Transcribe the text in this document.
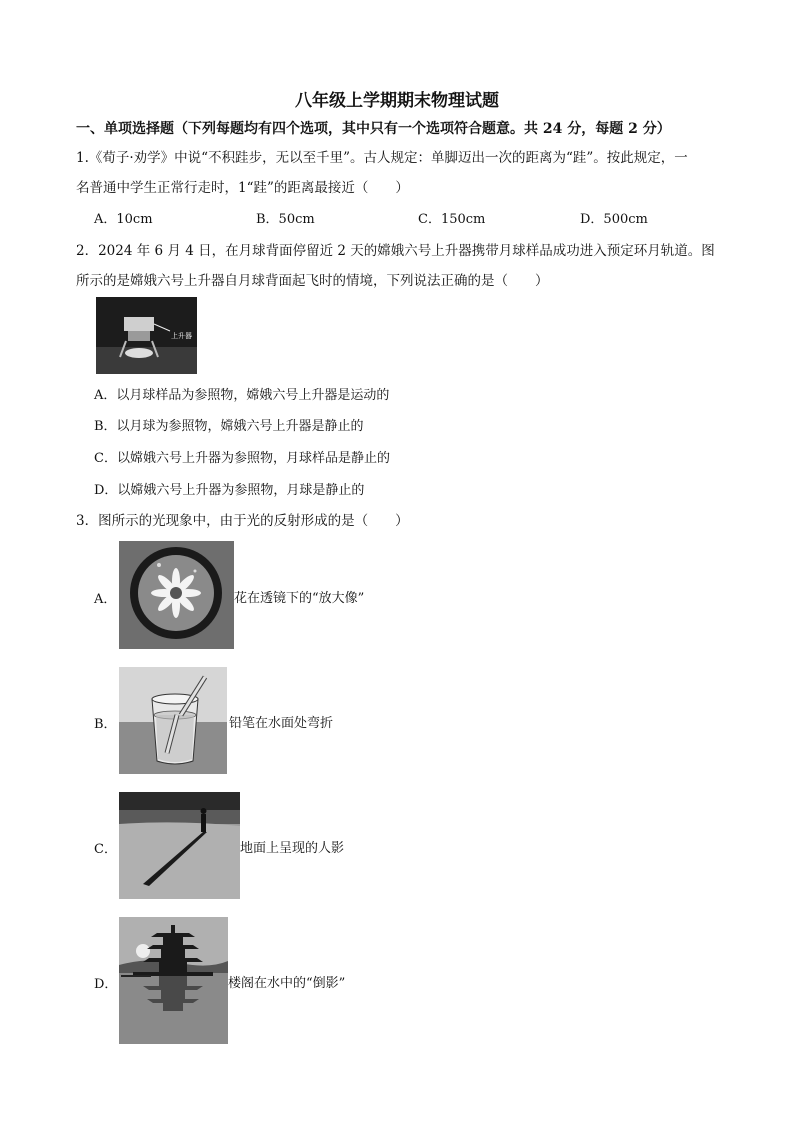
八年级上学期期末物理试题
一、单项选择题（下列每题均有四个选项，其中只有一个选项符合题意。共 24 分，每题 2 分）
1.《荀子·劝学》中说“不积跬步，无以至千里”。古人规定：单脚迈出一次的距离为“跬”。按此规定，一
名普通中学生正常行走时，1“跬”的距离最接近（　　）
A．10cm	B．50cm	C．150cm	D．500cm
2．2024 年 6 月 4 日，在月球背面停留近 2 天的嫦娥六号上升器携带月球样品成功进入预定环月轨道。图
所示的是嫦娥六号上升器自月球背面起飞时的情境，下列说法正确的是（　　）
上升器
A．以月球样品为参照物，嫦娥六号上升器是运动的
B．以月球为参照物，嫦娥六号上升器是静止的
C．以嫦娥六号上升器为参照物，月球样品是静止的
D．以嫦娥六号上升器为参照物，月球是静止的
3．图所示的光现象中，由于光的反射形成的是（　　）
A．	花在透镜下的“放大像”
B．	铅笔在水面处弯折
C．	地面上呈现的人影
D．	楼阁在水中的“倒影”
